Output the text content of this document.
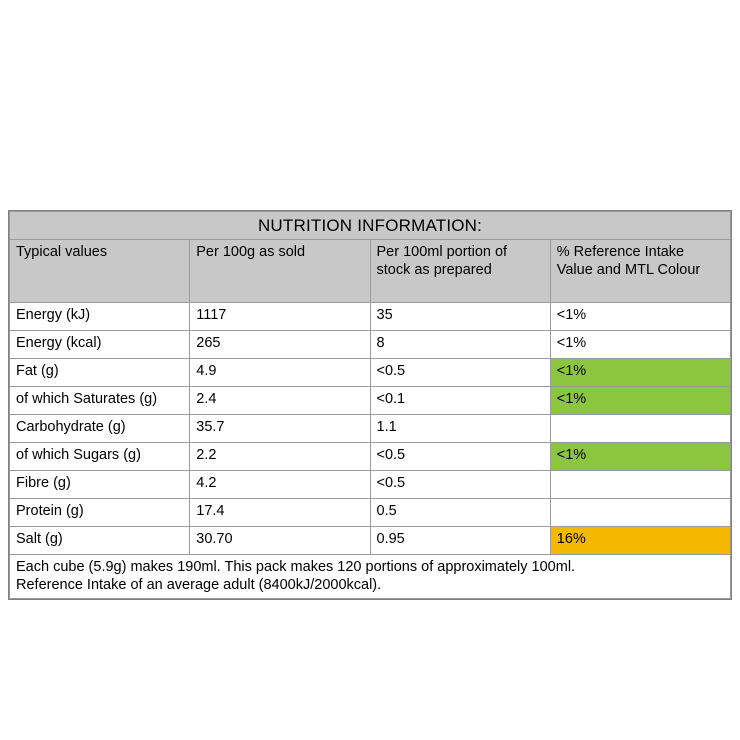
NUTRITION INFORMATION:			
Typical values	Per 100g as sold	Per 100ml portion of stock as prepared	% Reference Intake Value and MTL Colour
Energy (kJ)	1117	35	<1%
Energy (kcal)	265	8	<1%
Fat (g)	4.9	<0.5	<1%
of which Saturates (g)	2.4	<0.1	<1%
Carbohydrate (g)	35.7	1.1	
of which Sugars (g)	2.2	<0.5	<1%
Fibre (g)	4.2	<0.5	
Protein (g)	17.4	0.5	
Salt (g)	30.70	0.95	16%

Each cube (5.9g) makes 190ml. This pack makes 120 portions of approximately 100ml.
Reference Intake of an average adult (8400kJ/2000kcal).			
